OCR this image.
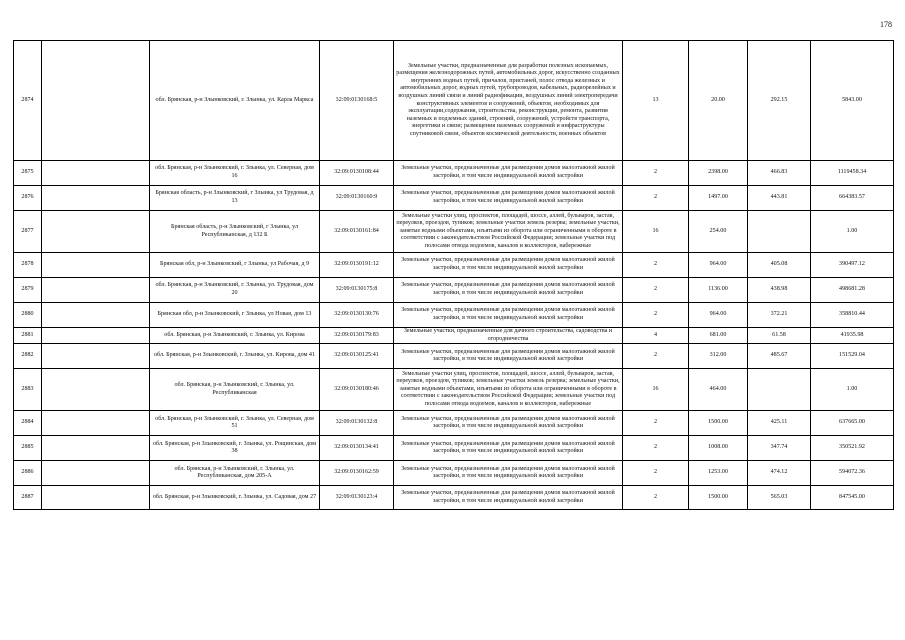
178
2874		обл. Брянская, р-н Злынковский, г. Злынка, ул. Карла Маркса	32:09:0130168:5	Земельные участки, предназначенные для разработки полезных ископаемых, размещения железнодорожных путей, автомобильных дорог, искусственно созданных внутренних водных путей, причалов, пристаней, полос отвода железных и автомобильных дорог, водных путей, трубопроводов, кабельных, радиорелейных и воздушных линий связи и линий радиофикации, воздушных линий электропередачи конструктивных элементов и сооружений, объектов, необходимых для эксплуатации,содержания, строительства, реконструкции, ремонта, развития наземных и подземных зданий, строений, сооружений, устройств транспорта, энергетики и связи; размещения наземных сооружений и инфраструктуры спутниковой связи, объектов космической деятельности, военных объектов	13	20.00	292.15	5843.00
2875		обл. Брянская, р-н Злынковский, г. Злынка, ул. Северная, дом 16	32:09:0130108:44	Земельные участки, предназначенные для размещения домов малоэтажной жилой застройки, в том числе индивидуальной жилой застройки	2	2398.00	466.83	1119458.34
2876		Брянская область, р-н Злынковский, г Злынка, ул Трудовая, д 13	32:09:0130160:9	Земельные участки, предназначенные для размещения домов малоэтажной жилой застройки, в том числе индивидуальной жилой застройки	2	1497.00	443.81	664383.57
2877		Брянская область, р-н Злынковский, г Злынка, ул Республиканская, д 132 Б	32:09:0130161:84	Земельные участки улиц, проспектов, площадей, шоссе, аллей, бульваров, застав, переулков, проездов, тупиков; земельные участки земель резерва; земельные участки, занятые водными объектами, изъятыми из оборота или ограниченными в обороте в соответствии с законодательством Российской Федерации; земельные участки под полосами отвода водоемов, каналов и коллекторов, набережные	16	254.00		1.00
2878		Брянская обл, р-н Злынковский, г Злынка, ул Рабочая, д 9	32:09:0130191:12	Земельные участки, предназначенные для размещения домов малоэтажной жилой застройки, в том числе индивидуальной жилой застройки	2	964.00	405.08	390497.12
2879		обл. Брянская, р-н Злынковский, г. Злынка, ул. Трудовая, дом 20	32:09:0130175:8	Земельные участки, предназначенные для размещения домов малоэтажной жилой застройки, в том числе индивидуальной жилой застройки	2	1136.00	438.98	498681.28
2880		Брянская обл, р-н Злынковский, г Злынка, ул Новая, дом 13	32:09:0130130:76	Земельные участки, предназначенные для размещения домов малоэтажной жилой застройки, в том числе индивидуальной жилой застройки	2	964.00	372.21	358810.44
2881		обл. Брянская, р-н Злынковский, г. Злынка, ул. Кирова	32:09:0130179:83	Земельные участки, предназначенные для дачного строительства, садоводства и огородничества	4	681.00	61.58	41935.98
2882		обл. Брянская, р-н Злынковский, г. Злынка, ул. Кирова, дом 41	32:09:0130125:41	Земельные участки, предназначенные для размещения домов малоэтажной жилой застройки, в том числе индивидуальной жилой застройки	2	312.00	485.67	151529.04
2883		обл. Брянская, р-н Злынковский, г. Злынка, ул. Республиканская	32:09:0130180:46	Земельные участки улиц, проспектов, площадей, шоссе, аллей, бульваров, застав, переулков, проездов, тупиков; земельные участки земель резерва; земельные участки, занятые водными объектами, изъятыми из оборота или ограниченными в обороте в соответствии с законодательством Российской Федерации; земельные участки под полосами отвода водоемов, каналов и коллекторов, набережные	16	464.00		1.00
2884		обл. Брянская, р-н Злынковский, г. Злынка, ул. Северная, дом 51	32:09:0130132:8	Земельные участки, предназначенные для размещения домов малоэтажной жилой застройки, в том числе индивидуальной жилой застройки	2	1500.00	425.11	637665.00
2885		обл. Брянская, р-н Злынковский, г. Злынка, ул. Рощинская, дом 38	32:09:0130134:41	Земельные участки, предназначенные для размещения домов малоэтажной жилой застройки, в том числе индивидуальной жилой застройки	2	1008.00	347.74	350521.92
2886		обл. Брянская, р-н Злынковский, г. Злынка, ул. Республиканская, дом 205-А	32:09:0130162:59	Земельные участки, предназначенные для размещения домов малоэтажной жилой застройки, в том числе индивидуальной жилой застройки	2	1253.00	474.12	594072.36
2887		обл. Брянская, р-н Злынковский, г. Злынка, ул. Садовая, дом 27	32:09:0130123:4	Земельные участки, предназначенные для размещения домов малоэтажной жилой застройки, в том числе индивидуальной жилой застройки	2	1500.00	565.03	847545.00
